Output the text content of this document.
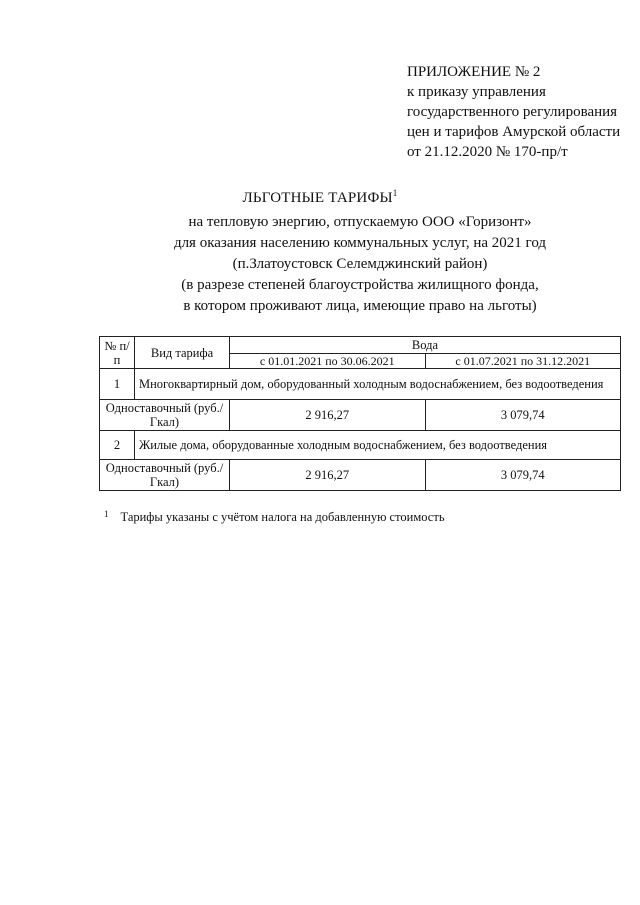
ПРИЛОЖЕНИЕ № 2
к приказу управления
государственного регулирования
цен и тарифов Амурской области
от 21.12.2020 № 170-пр/т
ЛЬГОТНЫЕ ТАРИФЫ$^1$
на тепловую энергию, отпускаемую ООО «Горизонт»
для оказания населению коммунальных услуг, на 2021 год
(п.Златоустовск Селемджинский район)
(в разрезе степеней благоустройства жилищного фонда,
в котором проживают лица, имеющие право на льготы)
№ п/п	Вид тарифа	Вода	
		с 01.01.2021 по 30.06.2021	с 01.07.2021 по 31.12.2021
1	Многоквартирный дом, оборудованный холодным водоснабжением, без водоотведения		
Одноставочный (руб./Гкал)		2 916,27	3 079,74
2	Жилые дома, оборудованные холодным водоснабжением, без водоотведения		
Одноставочный (руб./Гкал)		2 916,27	3 079,74
$^1$ Тарифы указаны с учётом налога на добавленную стоимость
